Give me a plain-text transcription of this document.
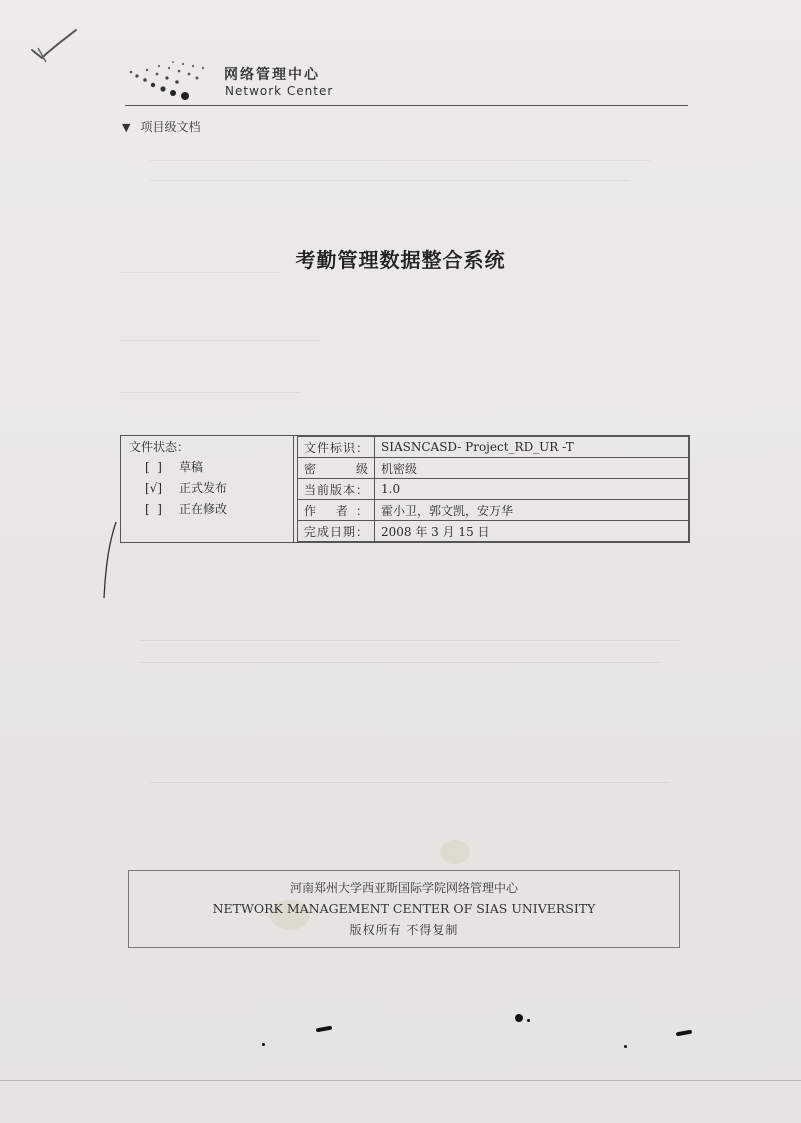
网络管理中心
Network Center
▼ 项目级文档
考勤管理数据整合系统
文件状态：
[  ] 草稿
[√] 正式发布
[  ] 正在修改
文件标识：	SIASNCASD- Project_RD_UR -T
密 级	机密级
当前版本：	1.0
作 者：	霍小卫，郭文凯，安万华
完成日期：	2008 年 3 月 15 日
河南郑州大学西亚斯国际学院网络管理中心
NETWORK MANAGEMENT CENTER OF SIAS UNIVERSITY
版权所有 不得复制
